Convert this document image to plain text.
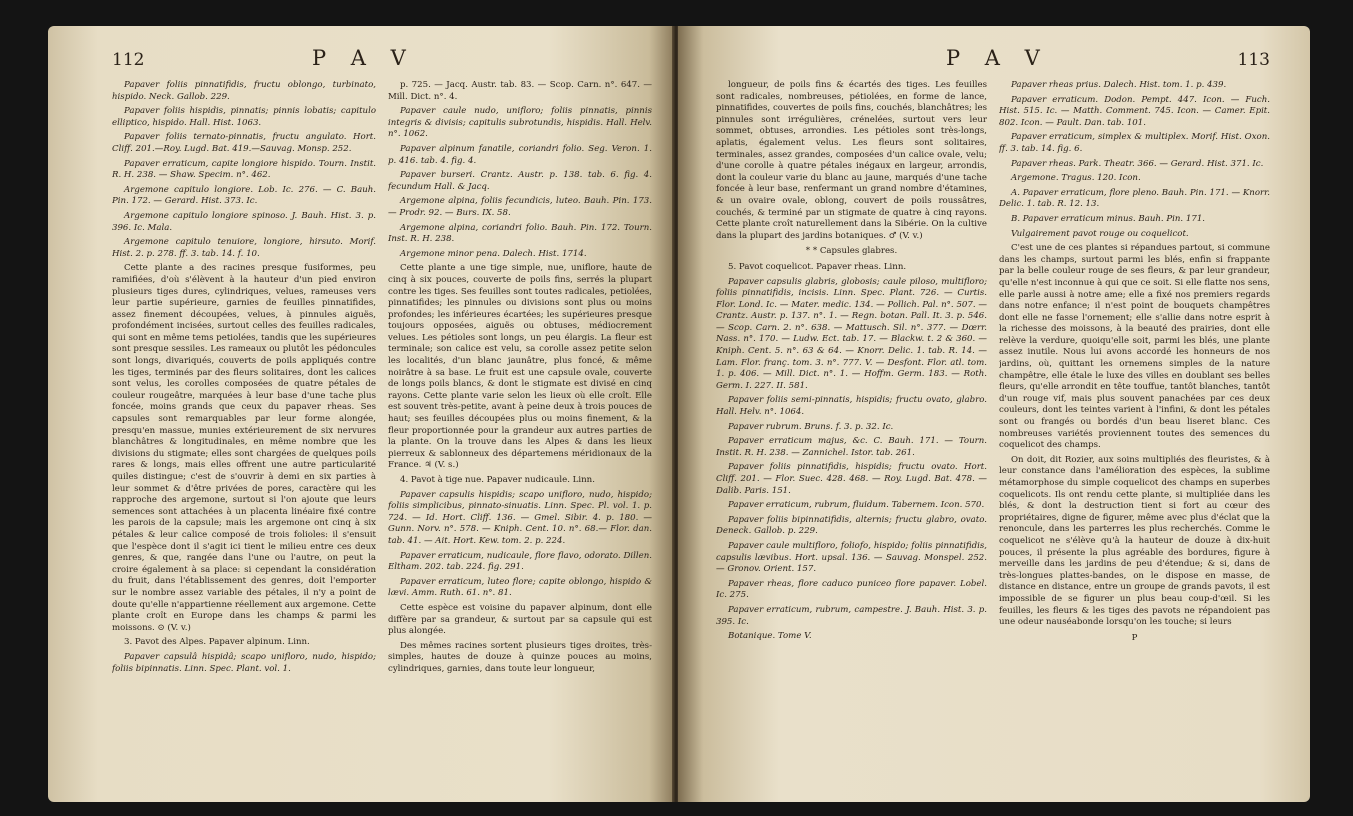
112	P A V

Papaver foliis pinnatifidis, fructu oblongo, turbinato, hispido. Neck. Gallob. 229.

Papaver foliis hispidis, pinnatis; pinnis lobatis; capitulo elliptico, hispido. Hall. Hist. 1063.

Papaver foliis ternato-pinnatis, fructu angulato. Hort. Cliff. 201.—Roy. Lugd. Bat. 419.—Sauvag. Monsp. 252.

Papaver erraticum, capite longiore hispido. Tourn. Instit. R. H. 238. — Shaw. Specim. n°. 462.

Argemone capitulo longiore. Lob. Ic. 276. — C. Bauh. Pin. 172. — Gerard. Hist. 373. Ic.

Argemone capitulo longiore spinoso. J. Bauh. Hist. 3. p. 396. Ic. Mala.

Argemone capitulo tenuiore, longiore, hirsuto. Morif. Hist. 2. p. 278. ff. 3. tab. 14. f. 10.

Cette plante a des racines presque fusiformes, peu ramifiées, d'où s'élèvent à la hauteur d'un pied environ plusieurs tiges dures, cylindriques, velues, rameuses vers leur partie supérieure, garnies de feuilles pinnatifides, assez finement découpées, velues, à pinnules aiguës, profondément incisées, surtout celles des feuilles radicales, qui sont en même tems petiolées, tandis que les supérieures sont presque sessiles. Les rameaux ou plutôt les pédoncules sont longs, divariqués, couverts de poils appliqués contre les tiges, terminés par des fleurs solitaires, dont les calices sont velus, les corolles composées de quatre pétales de couleur rougeâtre, marquées à leur base d'une tache plus foncée, moins grands que ceux du papaver rheas. Ses capsules sont remarquables par leur forme alongée, presqu'en massue, munies extérieurement de six nervures blanchâtres & longitudinales, en même nombre que les divisions du stigmate; elles sont chargées de quelques poils rares & longs, mais elles offrent une autre particularité quiles distingue; c'est de s'ouvrir à demi en six parties à leur sommet & d'être privées de pores, caractère qui les rapproche des argemone, surtout si l'on ajoute que leurs semences sont attachées à un placenta linéaire fixé contre les parois de la capsule; mais les argemone ont cinq à six pétales & leur calice composé de trois folioles: il s'ensuit que l'espèce dont il s'agit ici tient le milieu entre ces deux genres, & que, rangée dans l'une ou l'autre, on peut la croire également à sa place: si cependant la considération du fruit, dans l'établissement des genres, doit l'emporter sur le nombre assez variable des pétales, il n'y a point de doute qu'elle n'appartienne réellement aux argemone. Cette plante croît en Europe dans les champs & parmi les moissons. ⊙ (V. v.)

3. Pavot des Alpes. Papaver alpinum. Linn.

Papaver capsulâ hispidâ; scapo unifloro, nudo, hispido; foliis bipinnatis. Linn. Spec. Plant. vol. 1.

p. 725. — Jacq. Austr. tab. 83. — Scop. Carn. n°. 647. — Mill. Dict. n°. 4.

Papaver caule nudo, unifloro; foliis pinnatis, pinnis integris & divisis; capitulis subrotundis, hispidis. Hall. Helv. n°. 1062.

Papaver alpinum fanatile, coriandri folio. Seg. Veron. 1. p. 416. tab. 4. fig. 4.

Papaver burseri. Crantz. Austr. p. 138. tab. 6. fig. 4. fecundum Hall. & Jacq.

Argemone alpina, foliis fecundicis, luteo. Bauh. Pin. 173. — Prodr. 92. — Burs. IX. 58.

Argemone alpina, coriandri folio. Bauh. Pin. 172. Tourn. Inst. R. H. 238.

Argemone minor pena. Dalech. Hist. 1714.

Cette plante a une tige simple, nue, uniflore, haute de cinq à six pouces, couverte de poils fins, serrés la plupart contre les tiges. Ses feuilles sont toutes radicales, petiolées, pinnatifides; les pinnules ou divisions sont plus ou moins profondes; les inférieures écartées; les supérieures presque toujours opposées, aiguës ou obtuses, médiocrement velues. Les pétioles sont longs, un peu élargis. La fleur est terminale; son calice est velu, sa corolle assez petite selon les localités, d'un blanc jaunâtre, plus foncé, & même noirâtre à sa base. Le fruit est une capsule ovale, couverte de longs poils blancs, & dont le stigmate est divisé en cinq rayons. Cette plante varie selon les lieux où elle croît. Elle est souvent très-petite, avant à peine deux à trois pouces de haut; ses feuilles découpées plus ou moins finement, & la fleur proportionnée pour la grandeur aux autres parties de la plante. On la trouve dans les Alpes & dans les lieux pierreux & sablonneux des départemens méridionaux de la France. ♃ (V. s.)

4. Pavot à tige nue. Papaver nudicaule. Linn.

Papaver capsulis hispidis; scapo unifloro, nudo, hispido; foliis simplicibus, pinnato-sinuatis. Linn. Spec. Pl. vol. 1. p. 724. — Id. Hort. Cliff. 136. — Gmel. Sibir. 4. p. 180. — Gunn. Norv. n°. 578. — Kniph. Cent. 10. n°. 68.— Flor. dan. tab. 41. — Ait. Hort. Kew. tom. 2. p. 224.

Papaver erraticum, nudicaule, flore flavo, odorato. Dillen. Eltham. 202. tab. 224. fig. 291.

Papaver erraticum, luteo flore; capite oblongo, hispido & lævi. Amm. Ruth. 61. n°. 81.

Cette espèce est voisine du papaver alpinum, dont elle diffère par sa grandeur, & surtout par sa capsule qui est plus alongée.

Des mêmes racines sortent plusieurs tiges droites, très-simples, hautes de douze à quinze pouces au moins, cylindriques, garnies, dans toute leur longueur,

P A V	113

longueur, de poils fins & écartés des tiges. Les feuilles sont radicales, nombreuses, pétiolées, en forme de lance, pinnatifides, couvertes de poils fins, couchés, blanchâtres; les pinnules sont irrégulières, crénelées, surtout vers leur sommet, obtuses, arrondies. Les pétioles sont très-longs, aplatis, également velus. Les fleurs sont solitaires, terminales, assez grandes, composées d'un calice ovale, velu; d'une corolle à quatre pétales inégaux en largeur, arrondis, dont la couleur varie du blanc au jaune, marqués d'une tache foncée à leur base, renfermant un grand nombre d'étamines, & un ovaire ovale, oblong, couvert de poils roussâtres, couchés, & terminé par un stigmate de quatre à cinq rayons. Cette plante croît naturellement dans la Sibérie. On la cultive dans la plupart des jardins botaniques. ♂ (V. v.)

* * Capsules glabres.

5. Pavot coquelicot. Papaver rheas. Linn.

Papaver capsulis glabris, globosis; caule piloso, multifloro; foliis pinnatifidis, incisis. Linn. Spec. Plant. 726. — Curtis. Flor. Lond. Ic. — Mater. medic. 134. — Pollich. Pal. n°. 507. — Crantz. Austr. p. 137. n°. 1. — Regn. botan. Pall. It. 3. p. 546. — Scop. Carn. 2. n°. 638. — Mattusch. Sil. n°. 377. — Dœrr. Nass. n°. 170. — Ludw. Ect. tab. 17. — Blackw. t. 2 & 360. — Kniph. Cent. 5. n°. 63 & 64. — Knorr. Delic. 1. tab. R. 14. — Lam. Flor. franç. tom. 3. n°. 777. V. — Desfont. Flor. atl. tom. 1. p. 406. — Mill. Dict. n°. 1. — Hoffm. Germ. 183. — Roth. Germ. I. 227. II. 581.

Papaver foliis semi-pinnatis, hispidis; fructu ovato, glabro. Hall. Helv. n°. 1064.

Papaver rubrum. Bruns. f. 3. p. 32. Ic.

Papaver erraticum majus, &c. C. Bauh. 171. — Tourn. Instit. R. H. 238. — Zannichel. Istor. tab. 261.

Papaver foliis pinnatifidis, hispidis; fructu ovato. Hort. Cliff. 201. — Flor. Suec. 428. 468. — Roy. Lugd. Bat. 478. — Dalib. Paris. 151.

Papaver erraticum, rubrum, fluidum. Tabernem. Icon. 570.

Papaver foliis bipinnatifidis, alternis; fructu glabro, ovato. Deneck. Gallob. p. 229.

Papaver caule multifloro, foliofo, hispido; foliis pinnatifidis, capsulis lævibus. Hort. upsal. 136. — Sauvag. Monspel. 252. — Gronov. Orient. 157.

Papaver rheas, flore caduco puniceo flore papaver. Lobel. Ic. 275.

Papaver erraticum, rubrum, campestre. J. Bauh. Hist. 3. p. 395. Ic.

Botanique. Tome V.

Papaver rheas prius. Dalech. Hist. tom. 1. p. 439.

Papaver erraticum. Dodon. Pempt. 447. Icon. — Fuch. Hist. 515. Ic. — Matth. Comment. 745. Icon. — Camer. Epit. 802. Icon. — Pault. Dan. tab. 101.

Papaver erraticum, simplex & multiplex. Morif. Hist. Oxon. ff. 3. tab. 14. fig. 6.

Papaver rheas. Park. Theatr. 366. — Gerard. Hist. 371. Ic.

Argemone. Tragus. 120. Icon.

A. Papaver erraticum, flore pleno. Bauh. Pin. 171. — Knorr. Delic. 1. tab. R. 12. 13.

B. Papaver erraticum minus. Bauh. Pin. 171.

Vulgairement pavot rouge ou coquelicot.

C'est une de ces plantes si répandues partout, si commune dans les champs, surtout parmi les blés, enfin si frappante par la belle couleur rouge de ses fleurs, & par leur grandeur, qu'elle n'est inconnue à qui que ce soit. Si elle flatte nos sens, elle parle aussi à notre ame; elle a fixé nos premiers regards dans notre enfance; il n'est point de bouquets champêtres dont elle ne fasse l'ornement; elle s'allie dans notre esprit à la richesse des moissons, à la beauté des prairies, dont elle relève la verdure, quoiqu'elle soit, parmi les blés, une plante assez inutile. Nous lui avons accordé les honneurs de nos jardins, où, quittant les ornemens simples de la nature champêtre, elle étale le luxe des villes en doublant ses belles fleurs, qu'elle arrondit en tête touffue, tantôt blanches, tantôt d'un rouge vif, mais plus souvent panachées par ces deux couleurs, dont les teintes varient à l'infini, & dont les pétales sont ou frangés ou bordés d'un beau liseret blanc. Ces nombreuses variétés proviennent toutes des semences du coquelicot des champs.

On doit, dit Rozier, aux soins multipliés des fleuristes, & à leur constance dans l'amélioration des espèces, la sublime métamorphose du simple coquelicot des champs en superbes coquelicots. Ils ont rendu cette plante, si multipliée dans les blés, & dont la destruction tient si fort au cœur des propriétaires, digne de figurer, même avec plus d'éclat que la renoncule, dans les parterres les plus recherchés. Comme le coquelicot ne s'élève qu'à la hauteur de douze à dix-huit pouces, il présente la plus agréable des bordures, figure à merveille dans les jardins de peu d'étendue; & si, dans de très-longues plattes-bandes, on le dispose en masse, de distance en distance, entre un groupe de grands pavots, il est impossible de se figurer un plus beau coup-d'œil. Si les feuilles, les fleurs & les tiges des pavots ne répandoient pas une odeur nauséabonde lorsqu'on les touche; si leurs

P
